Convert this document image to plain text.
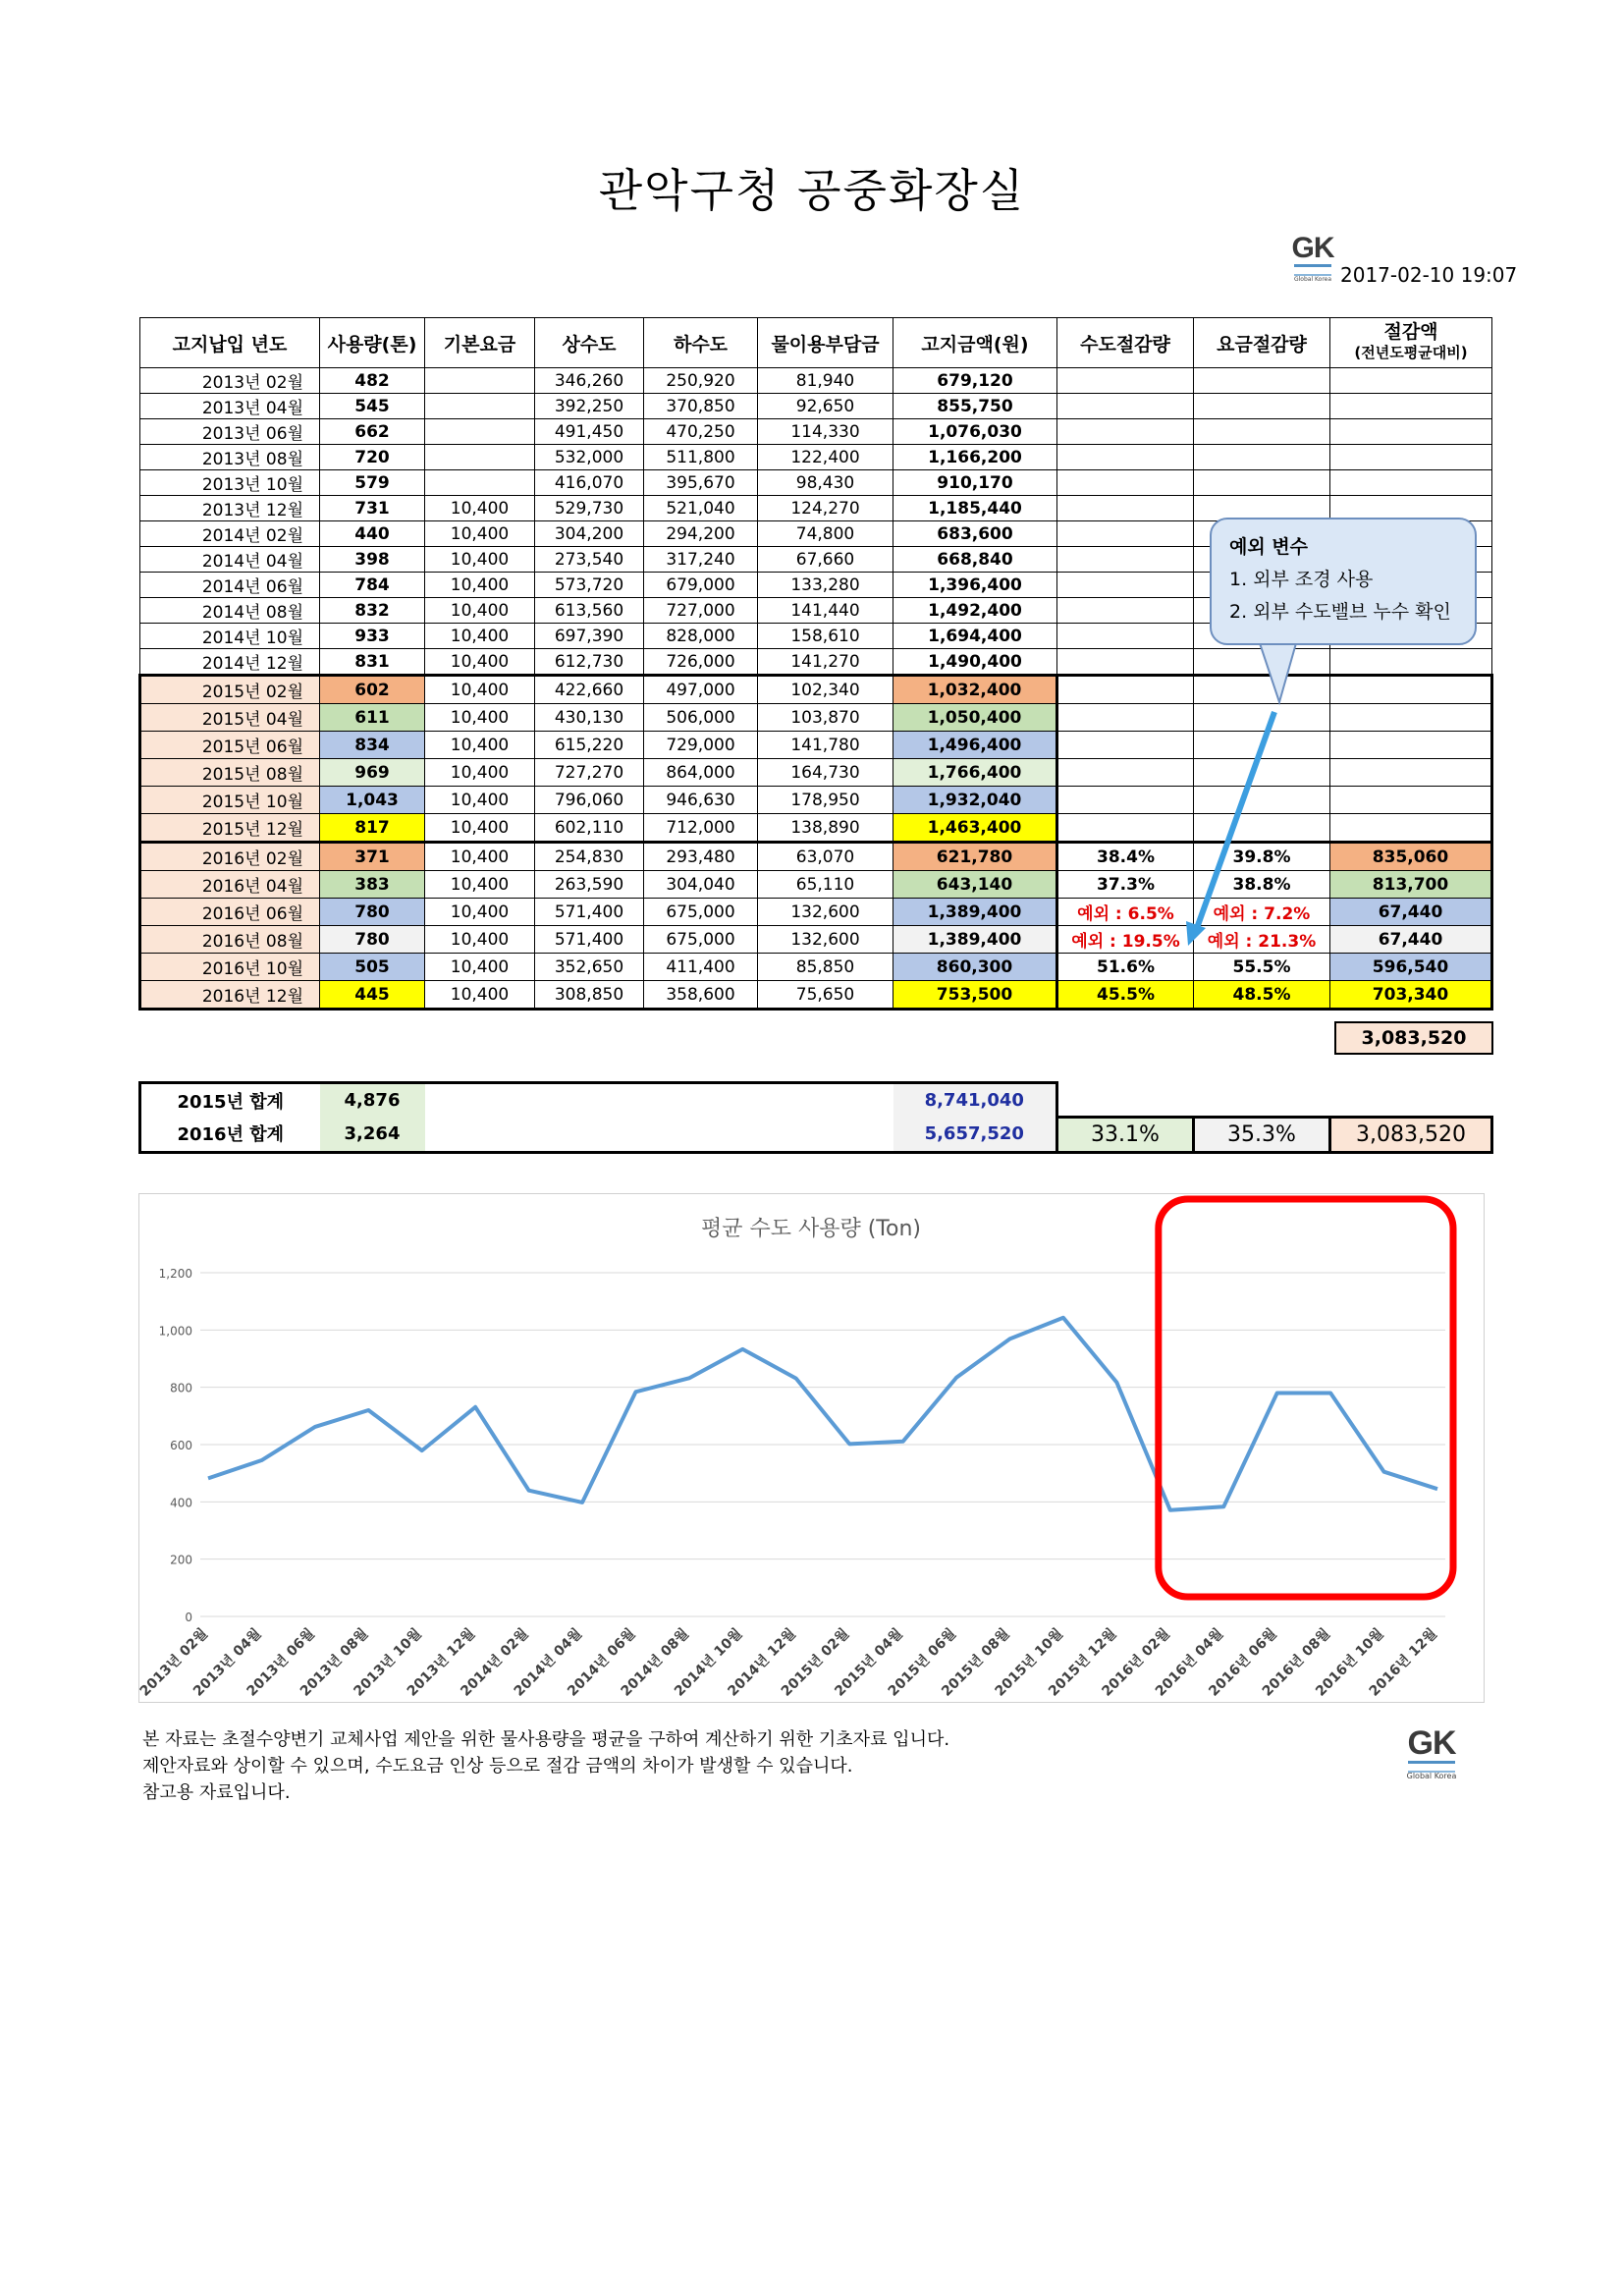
관악구청 공중화장실
GK
Global Korea 2017-02-10 19:07
고지납입 년도	사용량(톤)	기본요금	상수도	하수도	물이용부담금	고지금액(원)	수도절감량	요금절감량	절감액
(전년도평균대비)

2013년 02월	482		346,260	250,920	81,940	679,120			
2013년 04월	545		392,250	370,850	92,650	855,750			
2013년 06월	662		491,450	470,250	114,330	1,076,030			
2013년 08월	720		532,000	511,800	122,400	1,166,200			
2013년 10월	579		416,070	395,670	98,430	910,170			
2013년 12월	731	10,400	529,730	521,040	124,270	1,185,440			
2014년 02월	440	10,400	304,200	294,200	74,800	683,600			
2014년 04월	398	10,400	273,540	317,240	67,660	668,840			
2014년 06월	784	10,400	573,720	679,000	133,280	1,396,400			
2014년 08월	832	10,400	613,560	727,000	141,440	1,492,400			
2014년 10월	933	10,400	697,390	828,000	158,610	1,694,400			
2014년 12월	831	10,400	612,730	726,000	141,270	1,490,400			
2015년 02월	602	10,400	422,660	497,000	102,340	1,032,400			
2015년 04월	611	10,400	430,130	506,000	103,870	1,050,400			
2015년 06월	834	10,400	615,220	729,000	141,780	1,496,400			
2015년 08월	969	10,400	727,270	864,000	164,730	1,766,400			
2015년 10월	1,043	10,400	796,060	946,630	178,950	1,932,040			
2015년 12월	817	10,400	602,110	712,000	138,890	1,463,400			
2016년 02월	371	10,400	254,830	293,480	63,070	621,780	38.4%	39.8%	835,060
2016년 04월	383	10,400	263,590	304,040	65,110	643,140	37.3%	38.8%	813,700
2016년 06월	780	10,400	571,400	675,000	132,600	1,389,400	예외 : 6.5%	예외 : 7.2%	67,440
2016년 08월	780	10,400	571,400	675,000	132,600	1,389,400	예외 : 19.5%	예외 : 21.3%	67,440
2016년 10월	505	10,400	352,650	411,400	85,850	860,300	51.6%	55.5%	596,540
2016년 12월	445	10,400	308,850	358,600	75,650	753,500	45.5%	48.5%	703,340
3,083,520
2015년 합계	4,876		8,741,040			
2016년 합계	3,264		5,657,520	33.1%	35.3%	3,083,520
예외 변수
1. 외부 조경 사용
2. 외부 수도밸브 누수 확인
평균 수도 사용량 (Ton)
0
200
400
600
800
1,000
1,200
2013년 02월
2013년 04월
2013년 06월
2013년 08월
2013년 10월
2013년 12월
2014년 02월
2014년 04월
2014년 06월
2014년 08월
2014년 10월
2014년 12월
2015년 02월
2015년 04월
2015년 06월
2015년 08월
2015년 10월
2015년 12월
2016년 02월
2016년 04월
2016년 06월
2016년 08월
2016년 10월
2016년 12월
본 자료는 초절수양변기 교체사업 제안을 위한 물사용량을 평균을 구하여 계산하기 위한 기초자료 입니다.
제안자료와 상이할 수 있으며, 수도요금 인상 등으로 절감 금액의 차이가 발생할 수 있습니다.
참고용 자료입니다.
GK
Global Korea
